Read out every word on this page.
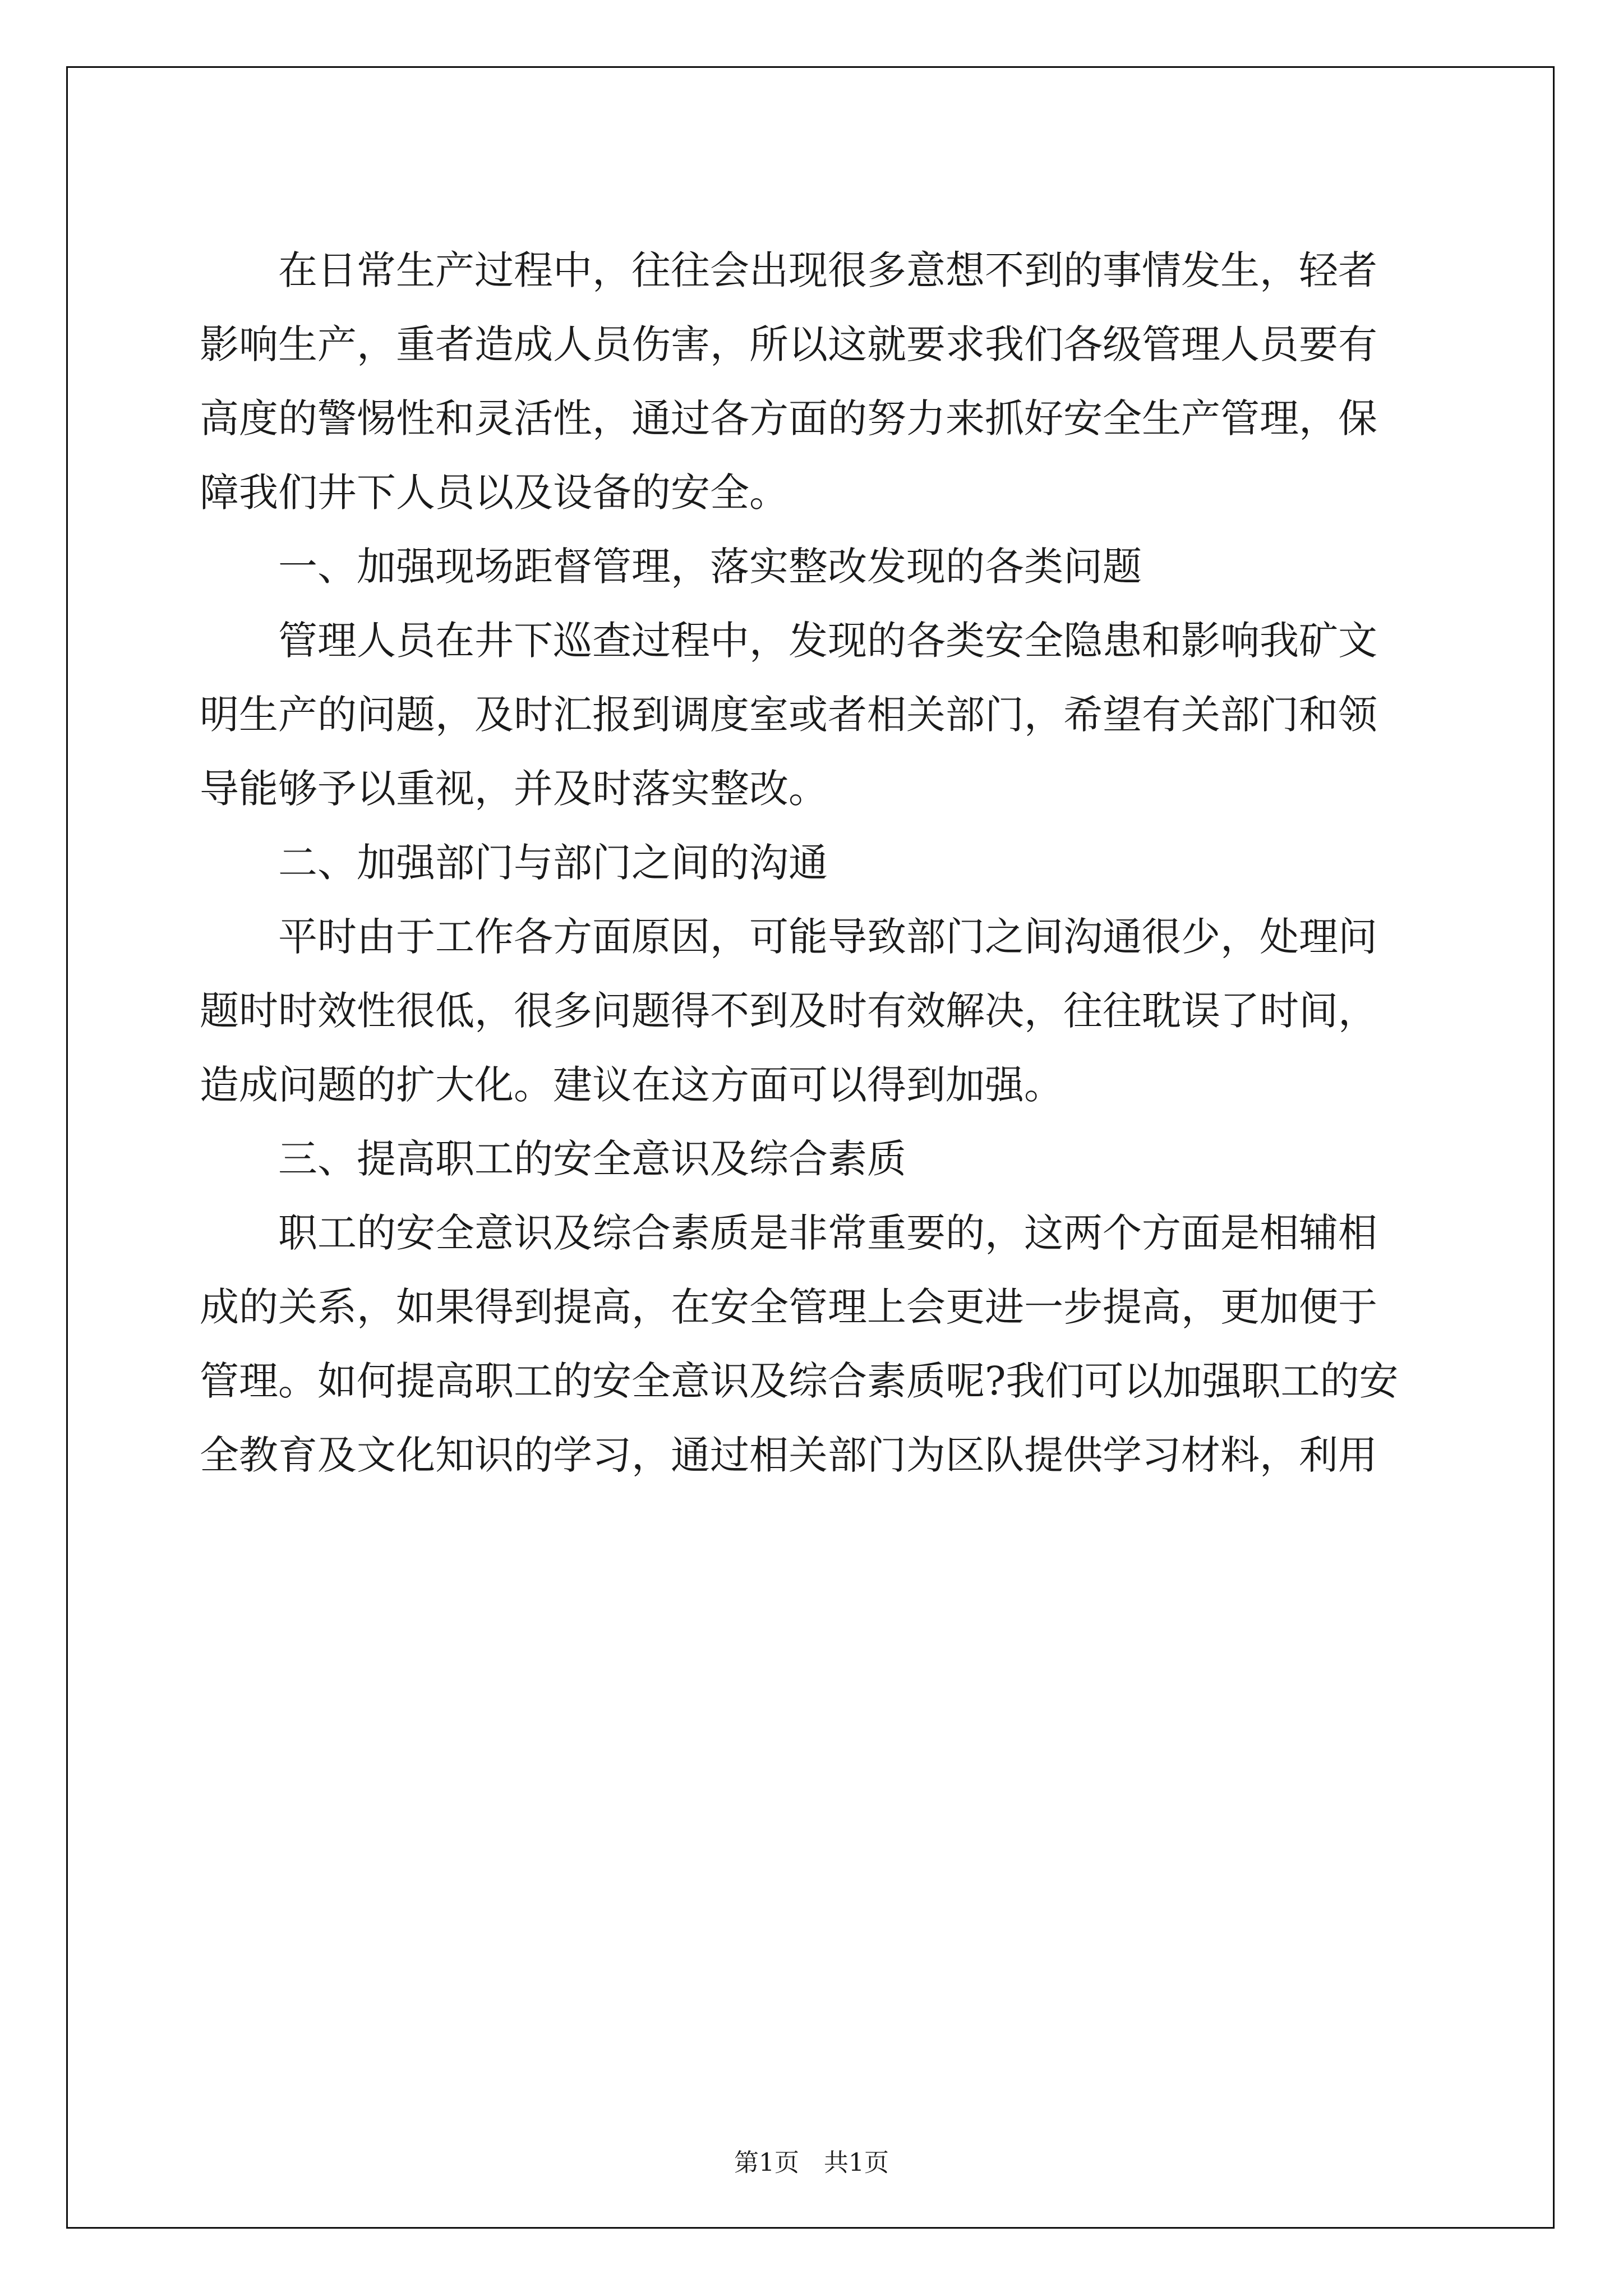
　　在日常生产过程中，往往会出现很多意想不到的事情发生，轻者
影响生产，重者造成人员伤害，所以这就要求我们各级管理人员要有
高度的警惕性和灵活性，通过各方面的努力来抓好安全生产管理，保
障我们井下人员以及设备的安全。
　　一、加强现场距督管理，落实整改发现的各类问题
　　管理人员在井下巡查过程中，发现的各类安全隐患和影响我矿文
明生产的问题，及时汇报到调度室或者相关部门，希望有关部门和领
导能够予以重视，并及时落实整改。
　　二、加强部门与部门之间的沟通
　　平时由于工作各方面原因，可能导致部门之间沟通很少，处理问
题时时效性很低，很多问题得不到及时有效解决，往往耽误了时间，
造成问题的扩大化。建议在这方面可以得到加强。
　　三、提高职工的安全意识及综合素质
　　职工的安全意识及综合素质是非常重要的，这两个方面是相辅相
成的关系，如果得到提高，在安全管理上会更进一步提高，更加便于
管理。如何提高职工的安全意识及综合素质呢?我们可以加强职工的安
全教育及文化知识的学习，通过相关部门为区队提供学习材料，利用
第1页　共1页
